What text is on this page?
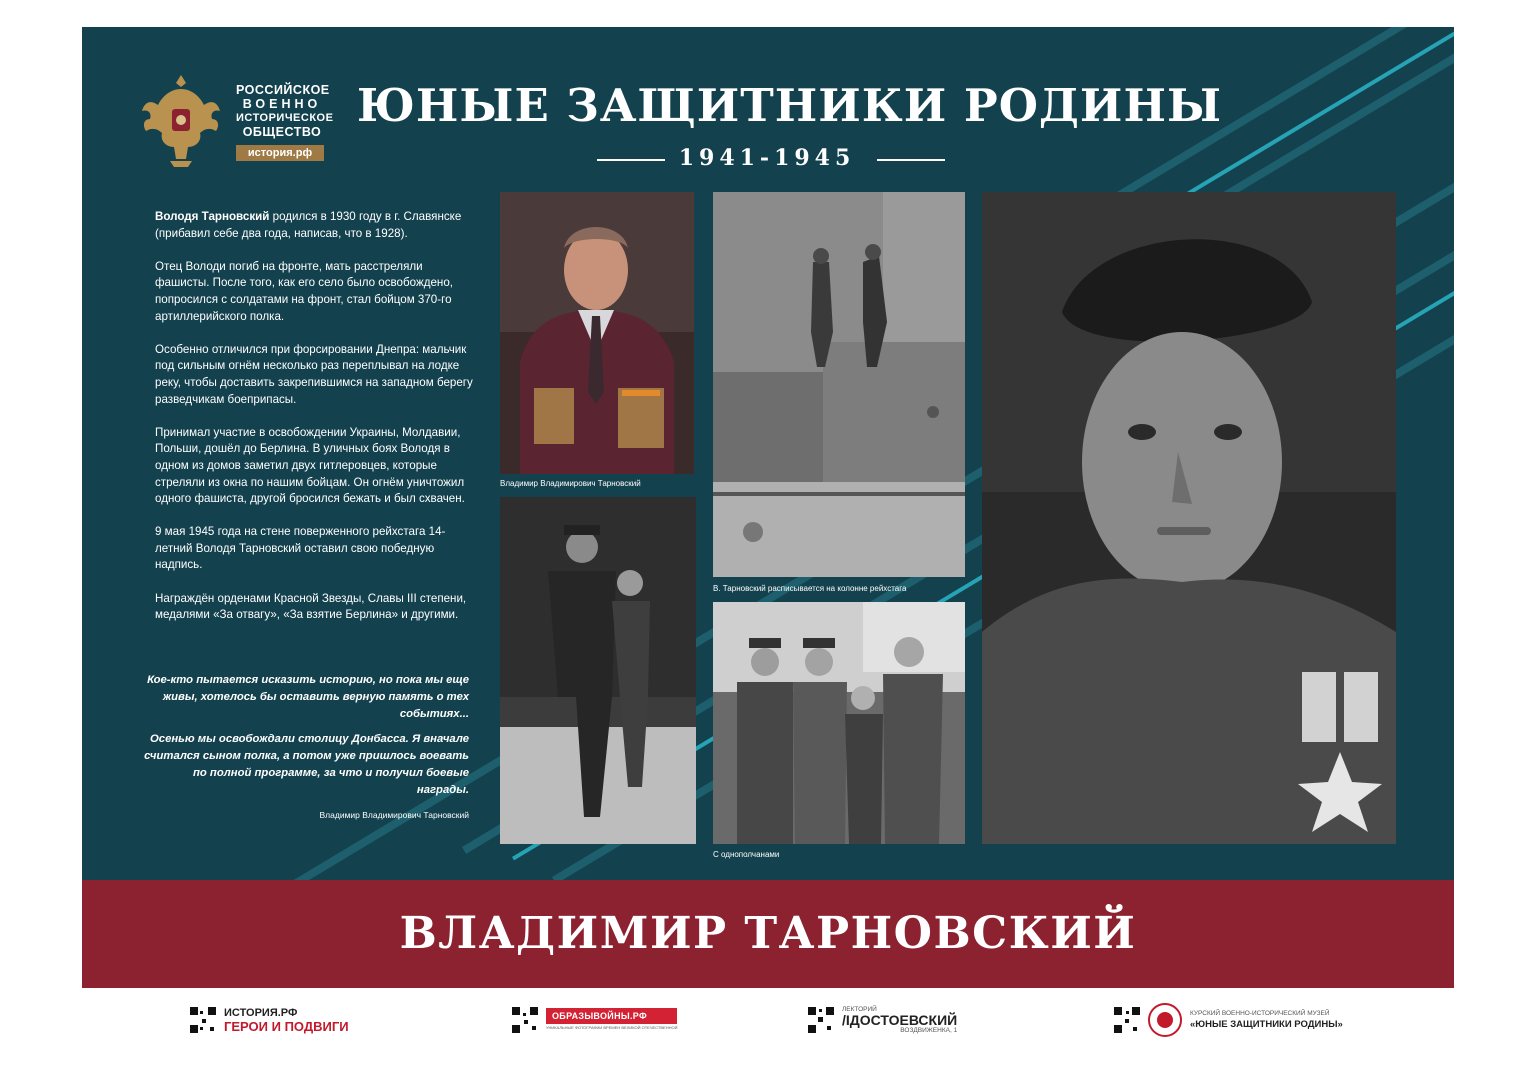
РОССИЙСКОЕ
ВОЕННО
ИСТОРИЧЕСКОЕ
ОБЩЕСТВО
история.рф
ЮНЫЕ ЗАЩИТНИКИ РОДИНЫ
1941-1945

Володя Тарновский родился в 1930 году в г. Славянске (прибавил себе два года, написав, что в 1928).

Отец Володи погиб на фронте, мать расстреляли фашисты. После того, как его село было освобождено, попросился с солдатами на фронт, стал бойцом 370-го артиллерийского полка.

Особенно отличился при форсировании Днепра: мальчик под сильным огнём несколько раз переплывал на лодке реку, чтобы доставить закрепившимся на западном берегу разведчикам боеприпасы.

Принимал участие в освобождении Украины, Молдавии, Польши, дошёл до Берлина. В уличных боях Володя в одном из домов заметил двух гитлеровцев, которые стреляли из окна по нашим бойцам. Он огнём уничтожил одного фашиста, другой бросился бежать и был схвачен.

9 мая 1945 года на стене поверженного рейхстага 14-летний Володя Тарновский оставил свою победную надпись.

Награждён орденами Красной Звезды, Славы III степени, медалями «За отвагу», «За взятие Берлина» и другими.

Кое-кто пытается исказить историю, но пока мы еще живы, хотелось бы оставить верную память о тех событиях...

Осенью мы освобождали столицу Донбасса. Я вначале считался сыном полка, а потом уже пришлось воевать по полной программе, за что и получил боевые награды.

Владимир Владимирович Тарновский
Владимир Владимирович Тарновский
В. Тарновский расписывается на колонне рейхстага
С однополчанами
ВЛАДИМИР ТАРНОВСКИЙ
ИСТОРИЯ.РФ
ГЕРОИ И ПОДВИГИ
ОБРАЗЫВОЙНЫ.РФ
УНИКАЛЬНЫЕ ФОТОГРАФИИ ВРЕМЕН ВЕЛИКОЙ ОТЕЧЕСТВЕННОЙ
ЛЕКТОРИЙ
/ІДОСТОЕВСКИЙ
ВОЗДВИЖЕНКА, 1
КУРСКИЙ ВОЕННО-ИСТОРИЧЕСКИЙ МУЗЕЙ
«ЮНЫЕ ЗАЩИТНИКИ РОДИНЫ»
